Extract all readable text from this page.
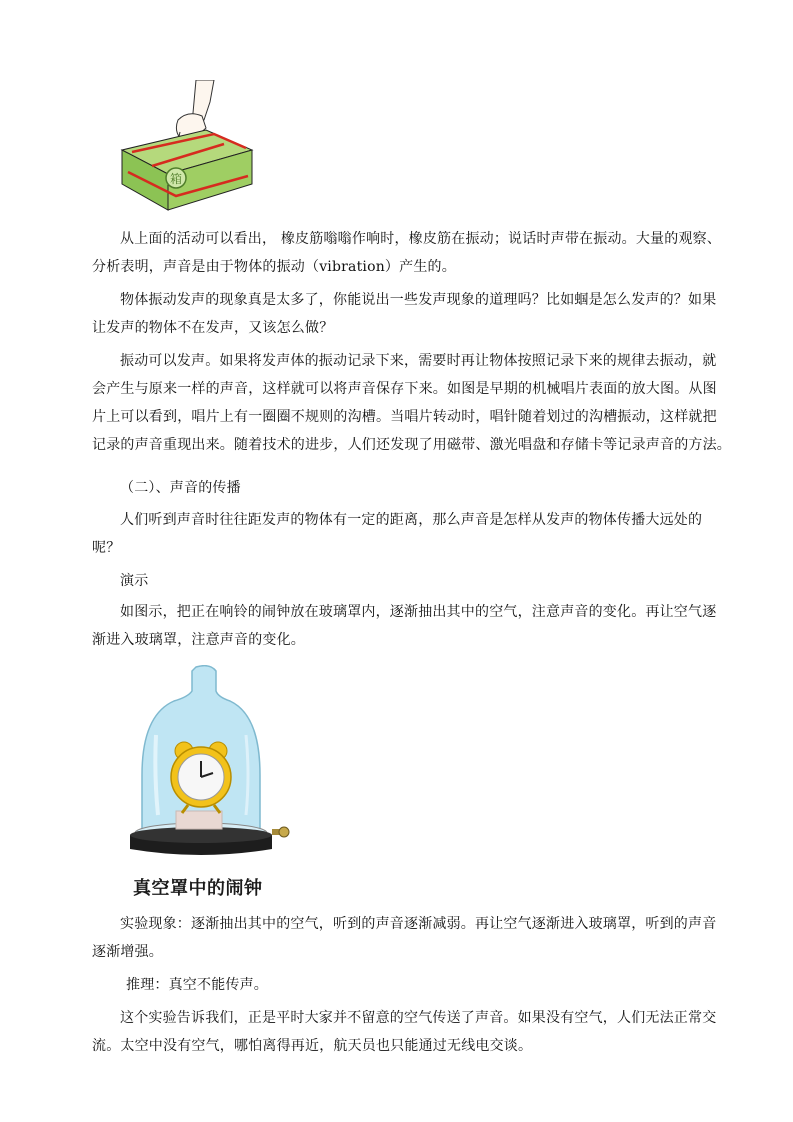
箱
从上面的活动可以看出， 橡皮筋嗡嗡作响时，橡皮筋在振动；说话时声带在振动。大量的观察、
分析表明，声音是由于物体的振动（vibration）产生的。
物体振动发声的现象真是太多了，你能说出一些发声现象的道理吗？比如蝈是怎么发声的？如果
让发声的物体不在发声，又该怎么做？
振动可以发声。如果将发声体的振动记录下来，需要时再让物体按照记录下来的规律去振动，就
会产生与原来一样的声音，这样就可以将声音保存下来。如图是早期的机械唱片表面的放大图。从图
片上可以看到，唱片上有一圈圈不规则的沟槽。当唱片转动时，唱针随着划过的沟槽振动，这样就把
记录的声音重现出来。随着技术的进步，人们还发现了用磁带、激光唱盘和存储卡等记录声音的方法。
（二）、声音的传播
人们听到声音时往往距发声的物体有一定的距离，那么声音是怎样从发声的物体传播大远处的
呢？
演示
如图示，把正在响铃的闹钟放在玻璃罩内，逐渐抽出其中的空气，注意声音的变化。再让空气逐
渐进入玻璃罩，注意声音的变化。
真空罩中的闹钟
实验现象：逐渐抽出其中的空气，听到的声音逐渐减弱。再让空气逐渐进入玻璃罩，听到的声音
逐渐增强。
推理：真空不能传声。
这个实验告诉我们，正是平时大家并不留意的空气传送了声音。如果没有空气，人们无法正常交
流。太空中没有空气，哪怕离得再近，航天员也只能通过无线电交谈。
